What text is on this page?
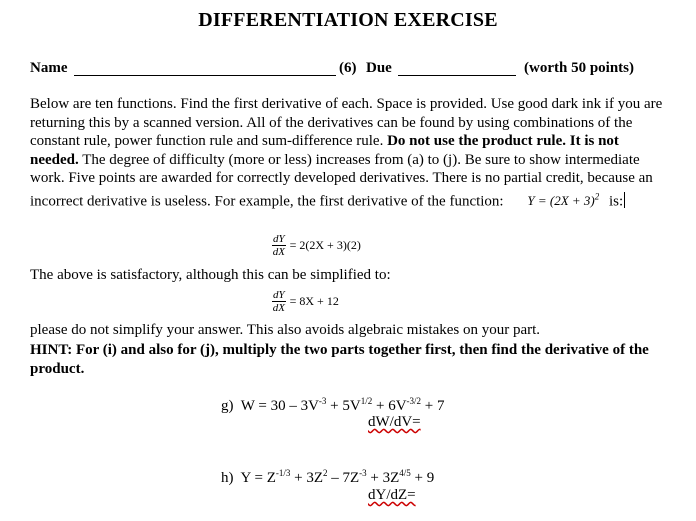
DIFFERENTIATION EXERCISE
Name	(6) Due	(worth 50 points)
Below are ten functions. Find the first derivative of each. Space is provided. Use good dark ink if you are returning this by a scanned version. All of the derivatives can be found by using combinations of the constant rule, power function rule and sum-difference rule. Do not use the product rule. It is not needed. The degree of difficulty (more or less) increases from (a) to (j). Be sure to show intermediate work. Five points are awarded for correctly developed derivatives. There is no partial credit, because an incorrect derivative is useless. For example, the first derivative of the function: $Y = (2X + 3)^2$ is:
$\frac{dY}{dX} = 2(2X + 3)(2)$
The above is satisfactory, although this can be simplified to:
$\frac{dY}{dX} = 8X + 12$
please do not simplify your answer. This also avoids algebraic mistakes on your part.
HINT: For (i) and also for (j), multiply the two parts together first, then find the derivative of the product.
g) $W = 30 - 3V^{-3} + 5V^{1/2} + 6V^{-3/2} + 7$
dW/dV=
h) $Y = Z^{-1/3} + 3Z^2 - 7Z^{-3} + 3Z^{4/5} + 9$
dY/dZ=
